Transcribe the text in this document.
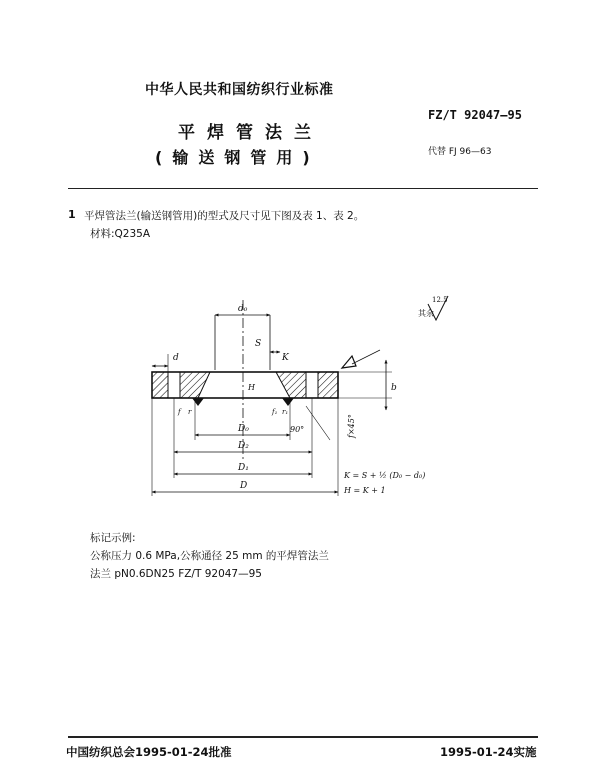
中华人民共和国纺织行业标准
FZ/T 92047—95
平焊管法兰
(输送钢管用)	代替 FJ 96—63
1 平焊管法兰(输送钢管用)的型式及尺寸见下图及表 1、表 2。
材料:Q235A
d₀
d
S
K
H	b
f r	f₁ r₁
f×45°
90°
D₀
D₂
D₁
D
K = S + ½ (D₀ − d₀)
H = K + 1
其余
12.5
标记示例:
公称压力 0.6 MPa,公称通径 25 mm 的平焊管法兰
法兰 pN0.6DN25 FZ/T 92047—95
中国纺织总会1995-01-24批准	1995-01-24实施
